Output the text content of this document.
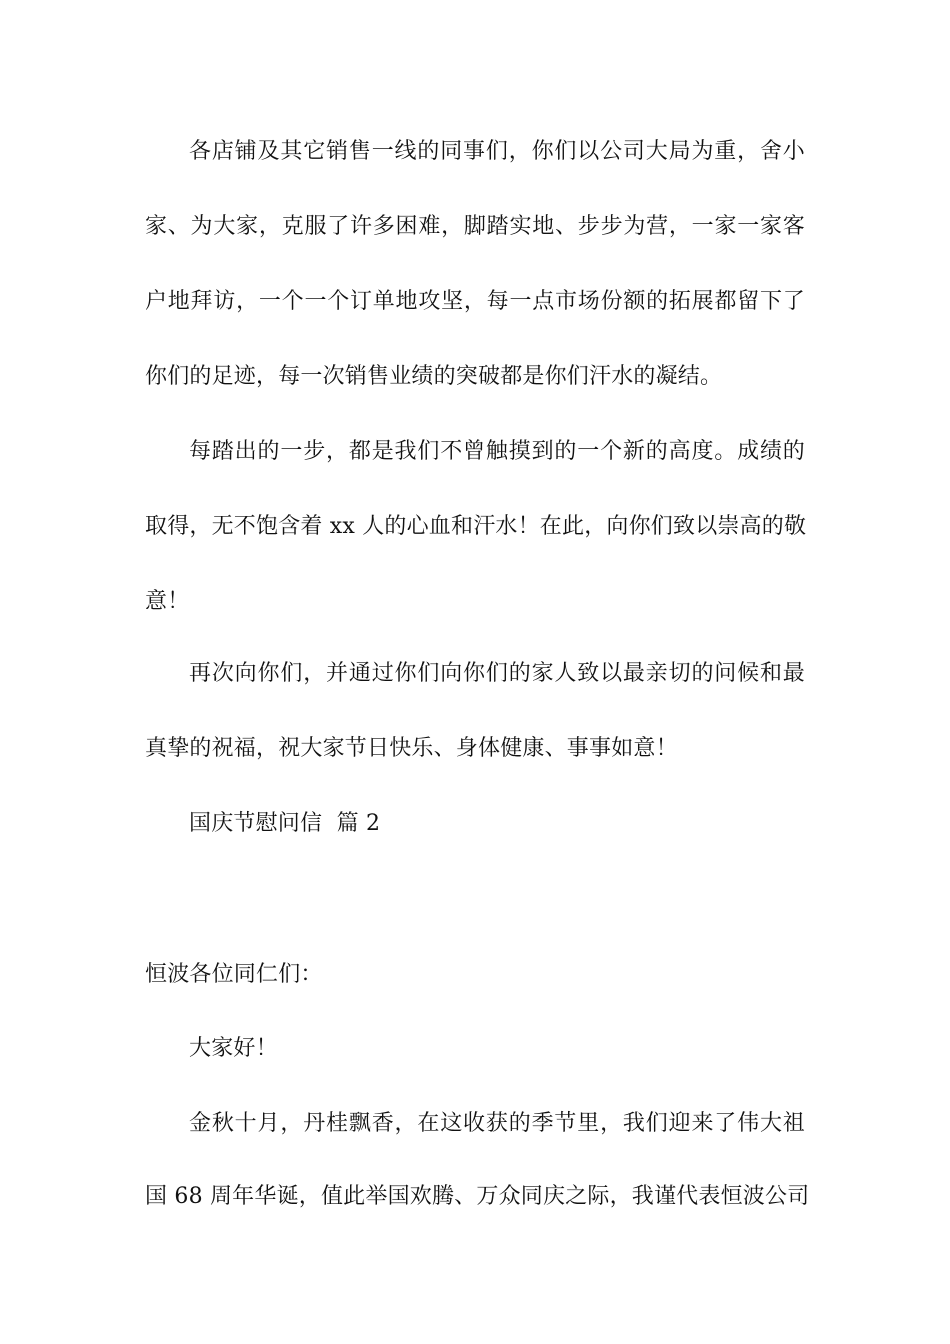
各店铺及其它销售一线的同事们，你们以公司大局为重，舍小
家、为大家，克服了许多困难，脚踏实地、步步为营，一家一家客
户地拜访，一个一个订单地攻坚，每一点市场份额的拓展都留下了
你们的足迹，每一次销售业绩的突破都是你们汗水的凝结。
每踏出的一步，都是我们不曾触摸到的一个新的高度。成绩的
取得，无不饱含着 xx 人的心血和汗水！在此，向你们致以崇高的敬
意！
再次向你们，并通过你们向你们的家人致以最亲切的问候和最
真挚的祝福，祝大家节日快乐、身体健康、事事如意！
国庆节慰问信  篇 2
恒波各位同仁们：
大家好！
金秋十月，丹桂飘香，在这收获的季节里，我们迎来了伟大祖
国 68 周年华诞，值此举国欢腾、万众同庆之际，我谨代表恒波公司
